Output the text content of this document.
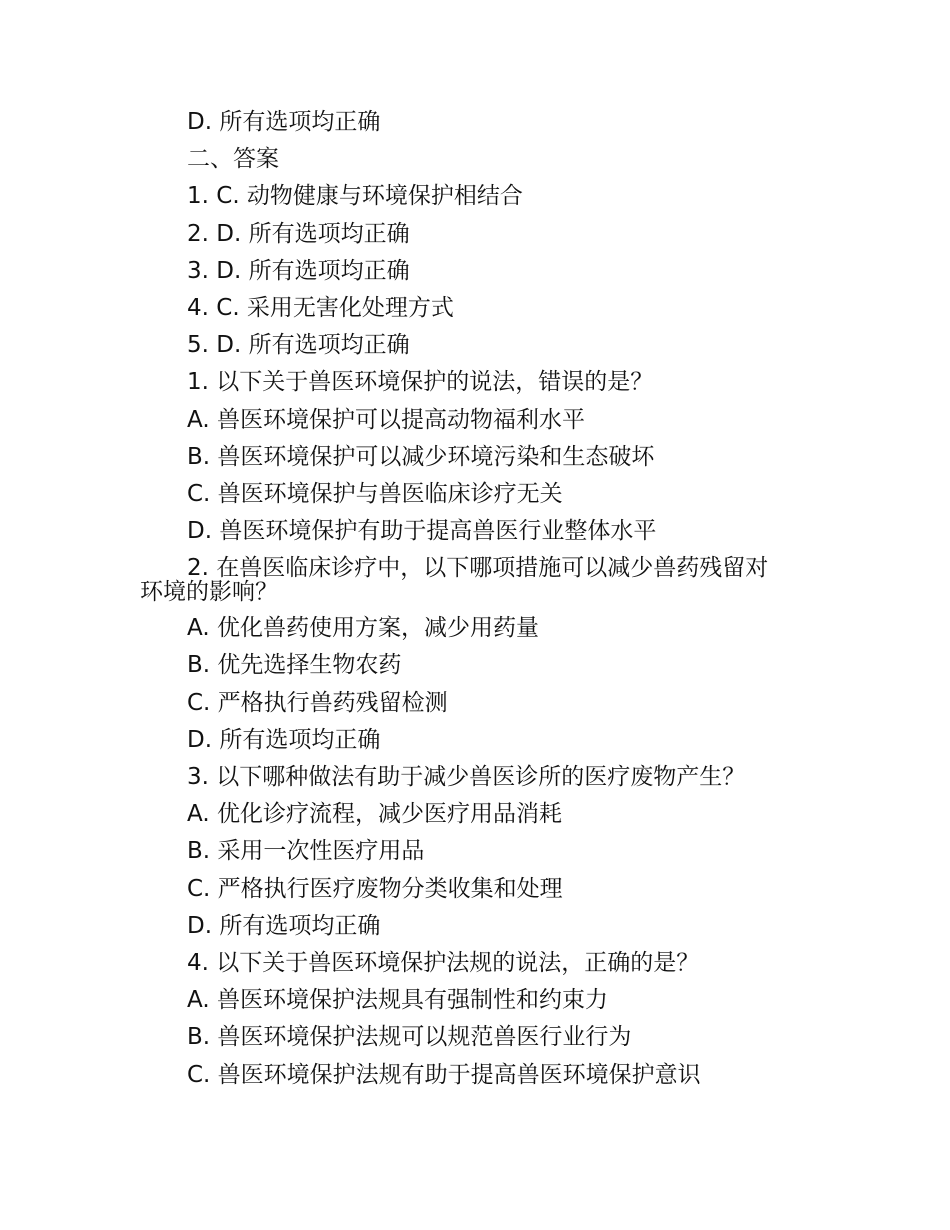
D. 所有选项均正确
二、答案
1. C. 动物健康与环境保护相结合
2. D. 所有选项均正确
3. D. 所有选项均正确
4. C. 采用无害化处理方式
5. D. 所有选项均正确
1. 以下关于兽医环境保护的说法，错误的是？
A. 兽医环境保护可以提高动物福利水平
B. 兽医环境保护可以减少环境污染和生态破坏
C. 兽医环境保护与兽医临床诊疗无关
D. 兽医环境保护有助于提高兽医行业整体水平
2. 在兽医临床诊疗中，以下哪项措施可以减少兽药残留对
环境的影响？
A. 优化兽药使用方案，减少用药量
B. 优先选择生物农药
C. 严格执行兽药残留检测
D. 所有选项均正确
3. 以下哪种做法有助于减少兽医诊所的医疗废物产生？
A. 优化诊疗流程，减少医疗用品消耗
B. 采用一次性医疗用品
C. 严格执行医疗废物分类收集和处理
D. 所有选项均正确
4. 以下关于兽医环境保护法规的说法，正确的是？
A. 兽医环境保护法规具有强制性和约束力
B. 兽医环境保护法规可以规范兽医行业行为
C. 兽医环境保护法规有助于提高兽医环境保护意识
